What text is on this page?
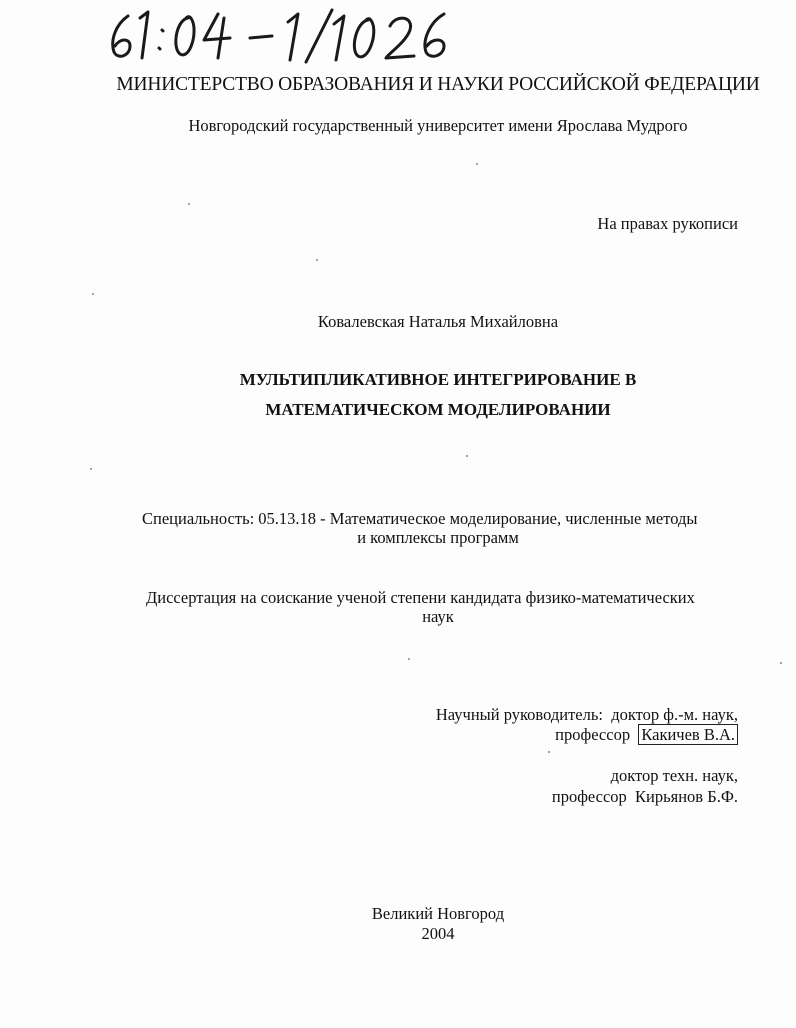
МИНИСТЕРСТВО ОБРАЗОВАНИЯ И НАУКИ РОССИЙСКОЙ ФЕДЕРАЦИИ
Новгородский государственный университет имени Ярослава Мудрого
На правах рукописи
Ковалевская Наталья Михайловна
МУЛЬТИПЛИКАТИВНОЕ ИНТЕГРИРОВАНИЕ В
МАТЕМАТИЧЕСКОМ МОДЕЛИРОВАНИИ
Специальность: 05.13.18 - Математическое моделирование, численные методы
и комплексы программ
Диссертация на соискание ученой степени кандидата физико-математических
наук
Научный руководитель: доктор ф.-м. наук,
профессор Какичев В.А.
доктор техн. наук,
профессор Кирьянов Б.Ф.
Великий Новгород
2004
